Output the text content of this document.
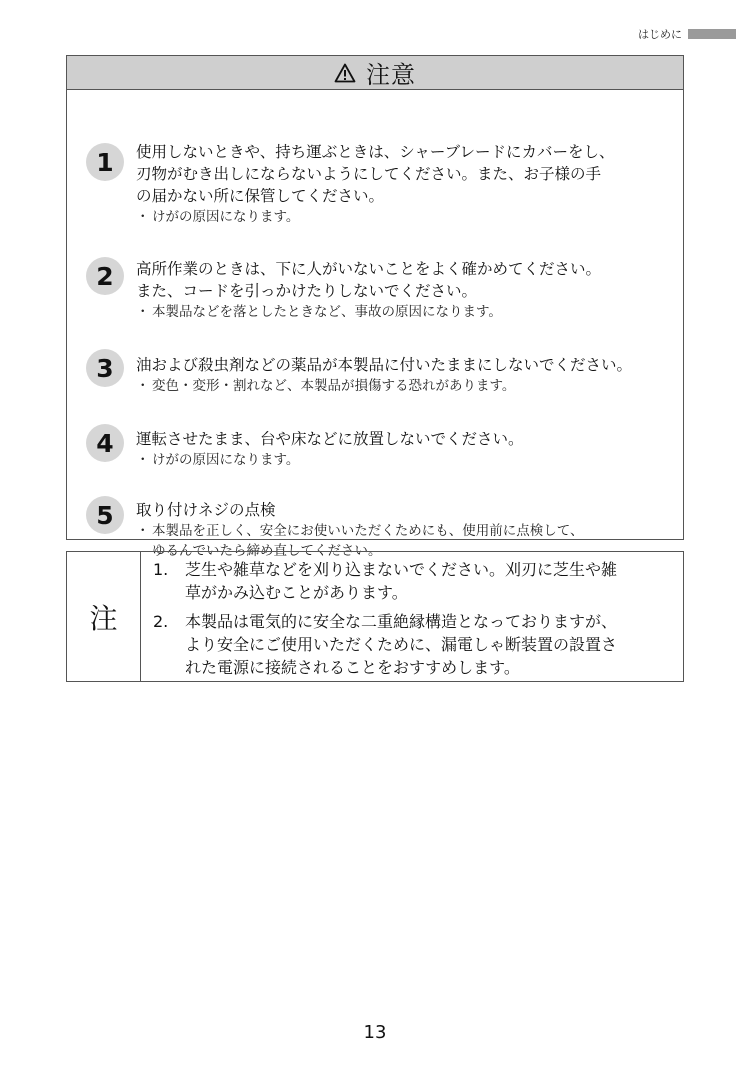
はじめに
注意
1	使用しないときや、持ち運ぶときは、シャーブレードにカバーをし、
刃物がむき出しにならないようにしてください。また、お子様の手
の届かない所に保管してください。
・ けがの原因になります。
2	高所作業のときは、下に人がいないことをよく確かめてください。
また、コードを引っかけたりしないでください。
・ 本製品などを落としたときなど、事故の原因になります。
3	油および殺虫剤などの薬品が本製品に付いたままにしないでください。
・ 変色・変形・割れなど、本製品が損傷する恐れがあります。
4	運転させたまま、台や床などに放置しないでください。
・ けがの原因になります。
5	取り付けネジの点検
・ 本製品を正しく、安全にお使いいただくためにも、使用前に点検して、
ゆるんでいたら締め直してください。
注
1.	芝生や雑草などを刈り込まないでください。刈刃に芝生や雑
草がかみ込むことがあります。
2.	本製品は電気的に安全な二重絶縁構造となっておりますが、
より安全にご使用いただくために、漏電しゃ断装置の設置さ
れた電源に接続されることをおすすめします。
13
